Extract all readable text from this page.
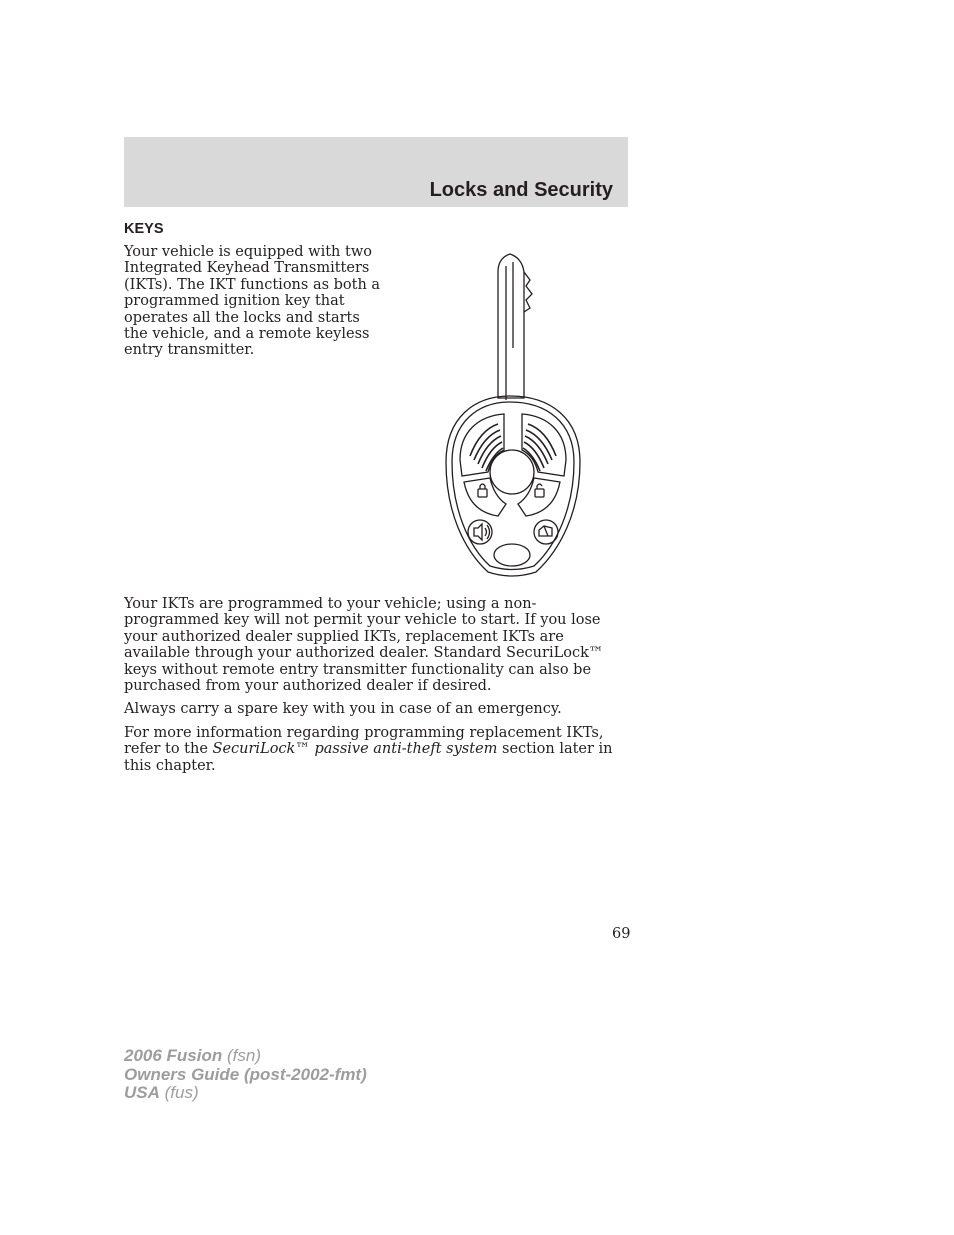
Locks and Security
KEYS

Your vehicle is equipped with two Integrated Keyhead Transmitters (IKTs). The IKT functions as both a programmed ignition key that operates all the locks and starts the vehicle, and a remote keyless entry transmitter.

Your IKTs are programmed to your vehicle; using a non-programmed key will not permit your vehicle to start. If you lose your authorized dealer supplied IKTs, replacement IKTs are available through your authorized dealer. Standard SecuriLock™ keys without remote entry transmitter functionality can also be purchased from your authorized dealer if desired.

Always carry a spare key with you in case of an emergency.

For more information regarding programming replacement IKTs, refer to the SecuriLock™ passive anti-theft system section later in this chapter.

69

2006 Fusion (fsn)
Owners Guide (post-2002-fmt)
USA (fus)
